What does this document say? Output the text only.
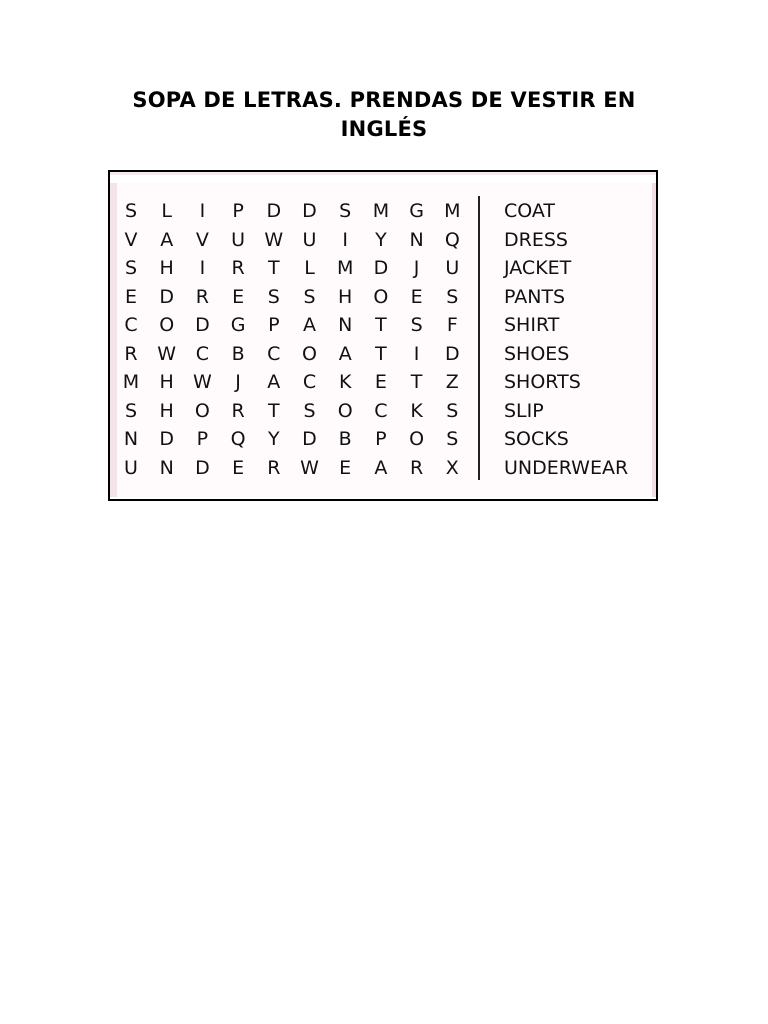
SOPA DE LETRAS. PRENDAS DE VESTIR EN INGLÉS
S	L	I	P	D	D	S	M	G	M
V	A	V	U	W	U	I	Y	N	Q
S	H	I	R	T	L	M	D	J	U
E	D	R	E	S	S	H	O	E	S
C	O	D	G	P	A	N	T	S	F
R	W	C	B	C	O	A	T	I	D
M	H	W	J	A	C	K	E	T	Z
S	H	O	R	T	S	O	C	K	S
N	D	P	Q	Y	D	B	P	O	S
U	N	D	E	R	W	E	A	R	X
COAT
DRESS
JACKET
PANTS
SHIRT
SHOES
SHORTS
SLIP
SOCKS
UNDERWEAR
